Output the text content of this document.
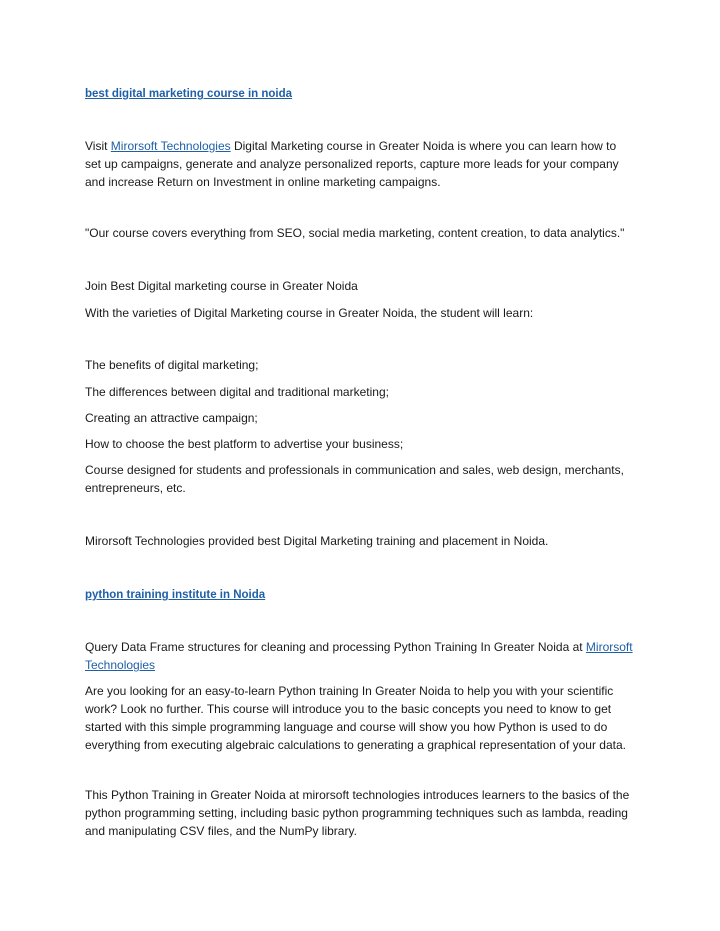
best digital marketing course in noida

Visit Mirorsoft Technologies Digital Marketing course in Greater Noida is where you can learn how to set up campaigns, generate and analyze personalized reports, capture more leads for your company and increase Return on Investment in online marketing campaigns.

"Our course covers everything from SEO, social media marketing, content creation, to data analytics."

Join Best Digital marketing course in Greater Noida

With the varieties of Digital Marketing course in Greater Noida, the student will learn:

The benefits of digital marketing;

The differences between digital and traditional marketing;

Creating an attractive campaign;

How to choose the best platform to advertise your business;

Course designed for students and professionals in communication and sales, web design, merchants, entrepreneurs, etc.

Mirorsoft Technologies provided best Digital Marketing training and placement in Noida.

python training institute in Noida

Query Data Frame structures for cleaning and processing Python Training In Greater Noida at Mirorsoft Technologies

Are you looking for an easy-to-learn Python training In Greater Noida to help you with your scientific work? Look no further. This course will introduce you to the basic concepts you need to know to get started with this simple programming language and course will show you how Python is used to do everything from executing algebraic calculations to generating a graphical representation of your data.

This Python Training in Greater Noida at mirorsoft technologies introduces learners to the basics of the python programming setting, including basic python programming techniques such as lambda, reading and manipulating CSV files, and the NumPy library.
